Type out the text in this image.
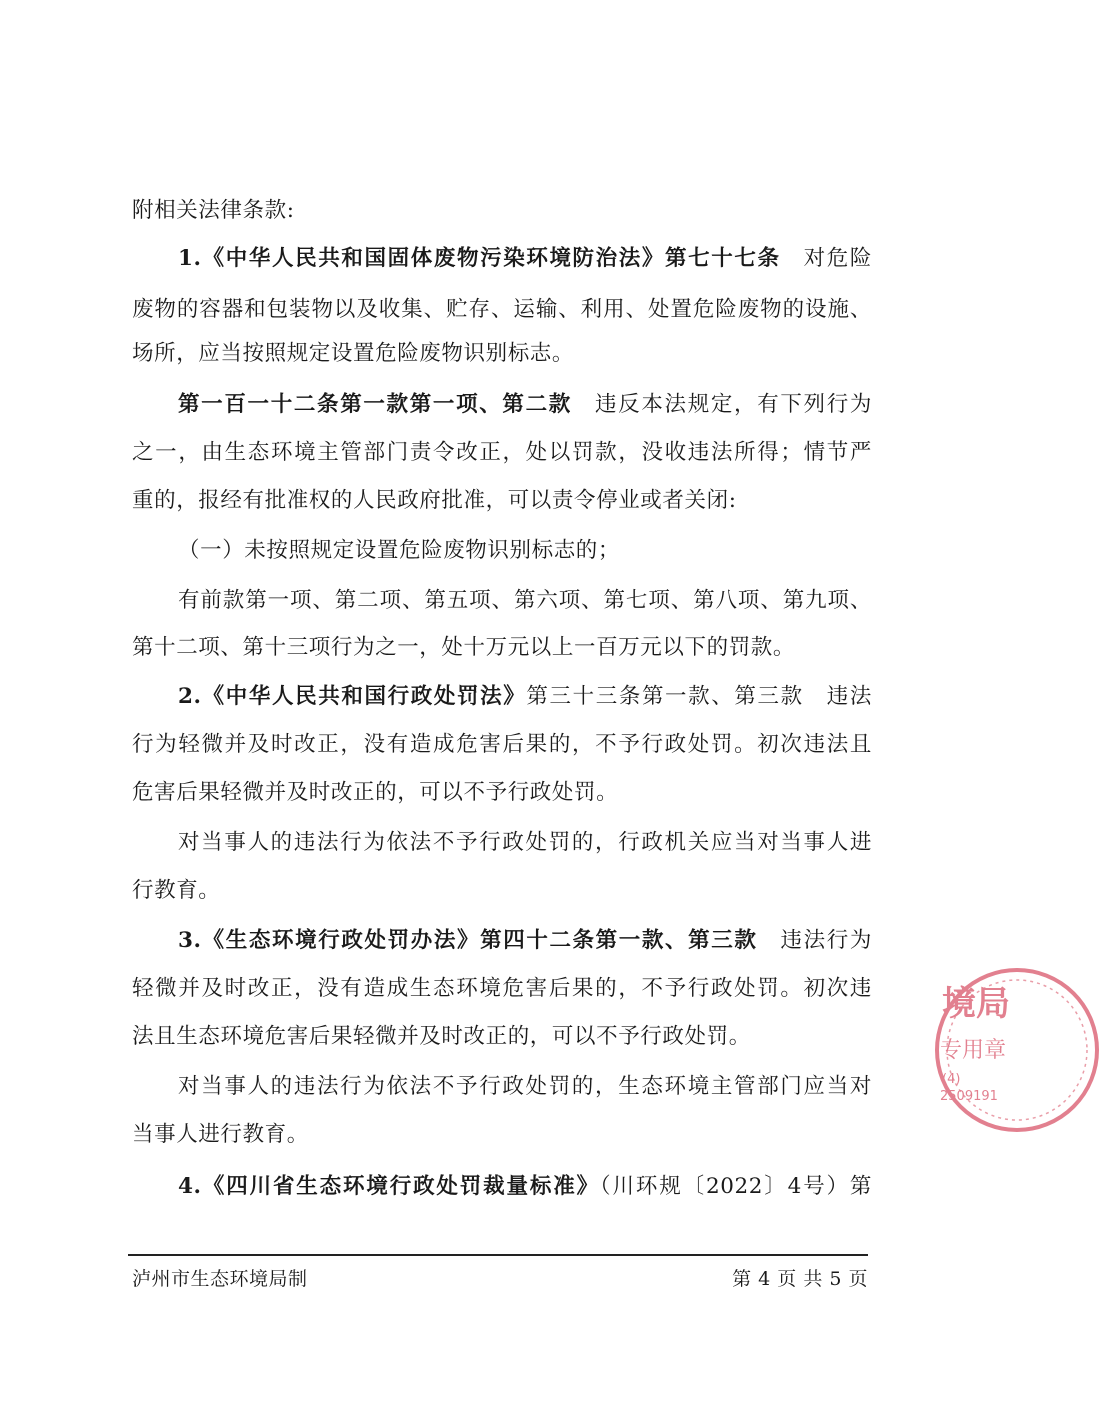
附相关法律条款:
1.《中华人民共和国固体废物污染环境防治法》第七十七条 对危险
废物的容器和包装物以及收集、贮存、运输、利用、处置危险废物的设施、
场所，应当按照规定设置危险废物识别标志。
第一百一十二条第一款第一项、第二款 违反本法规定，有下列行为
之一，由生态环境主管部门责令改正，处以罚款，没收违法所得；情节严
重的，报经有批准权的人民政府批准，可以责令停业或者关闭:
（一）未按照规定设置危险废物识别标志的；
有前款第一项、第二项、第五项、第六项、第七项、第八项、第九项、
第十二项、第十三项行为之一，处十万元以上一百万元以下的罚款。
2.《中华人民共和国行政处罚法》第三十三条第一款、第三款 违法
行为轻微并及时改正，没有造成危害后果的，不予行政处罚。初次违法且
危害后果轻微并及时改正的，可以不予行政处罚。
对当事人的违法行为依法不予行政处罚的，行政机关应当对当事人进
行教育。
3.《生态环境行政处罚办法》第四十二条第一款、第三款 违法行为
轻微并及时改正，没有造成生态环境危害后果的，不予行政处罚。初次违
法且生态环境危害后果轻微并及时改正的，可以不予行政处罚。
对当事人的违法行为依法不予行政处罚的，生态环境主管部门应当对
当事人进行教育。
4.《四川省生态环境行政处罚裁量标准》（川环规〔2022〕4号）第
泸州市生态环境局制	第 4 页 共 5 页
境局
专用章
(4)
2509191
